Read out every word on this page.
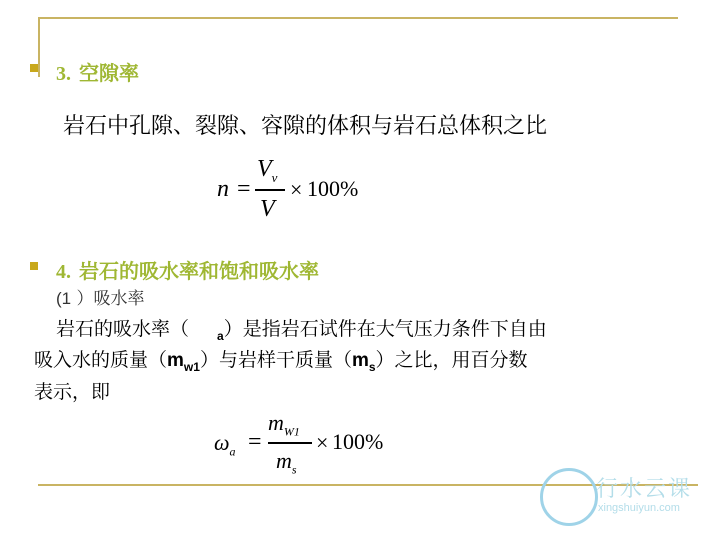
3. 空隙率
岩石中孔隙、裂隙、容隙的体积与岩石总体积之比
n =
$V_v$
V
× 100%
4. 岩石的吸水率和饱和吸水率
(1 ）吸水率
岩石的吸水率（ $_a$）是指岩石试件在大气压力条件下自由
吸入水的质量$(m_{w1})$与岩样干质量$(m_s)$之比，用百分数
表示，即
$\omega_a$ =
$m_{W1}$
$m_s$
× 100%
行水云课
xingshuiyun.com
